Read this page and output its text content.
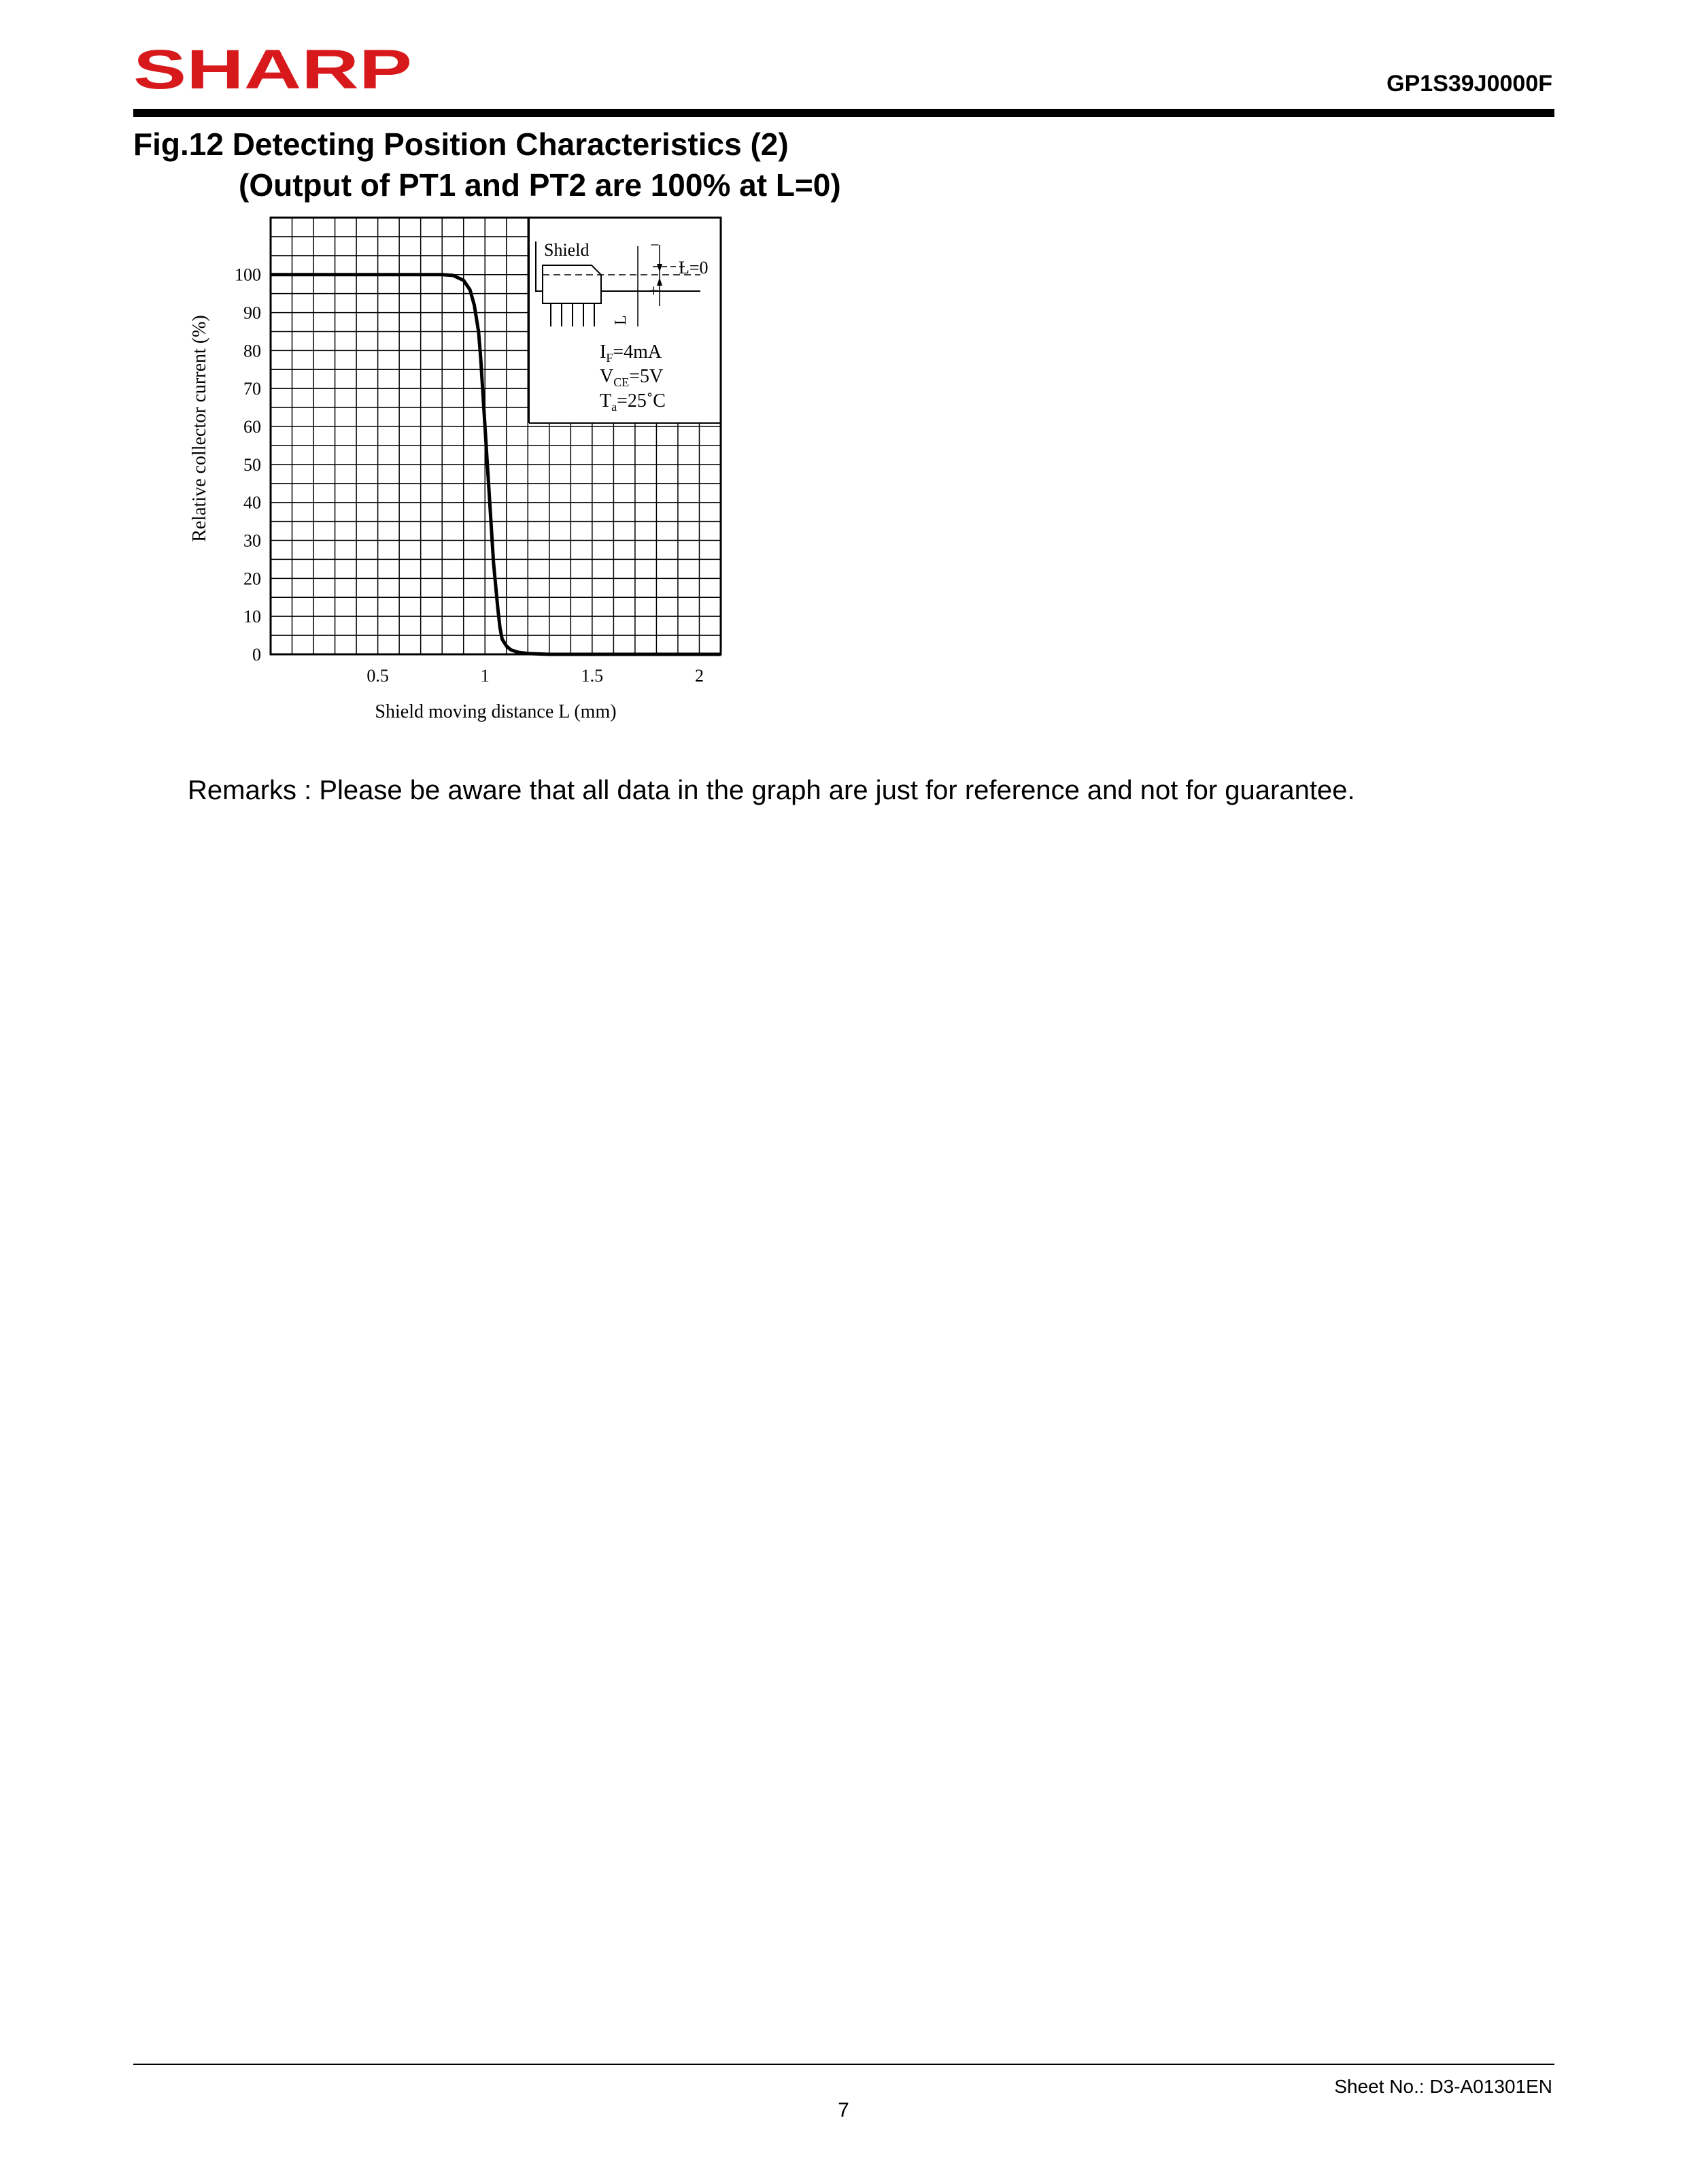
SHARP	GP1S39J0000F
Fig.12 Detecting Position Characteristics (2)
(Output of PT1 and PT2 are 100% at L=0)
Shield
L=0
−
+
L
$I_F=4mA$
$V_{CE}=5V$
$T_a=25˚C$
0
10
20
30
40
50
60
70
80
90
100
0.5	1	1.5	2
Shield moving distance L (mm)
Relative collector current (%)
Remarks : Please be aware that all data in the graph are just for reference and not for guarantee.
Sheet No.: D3-A01301EN
7
